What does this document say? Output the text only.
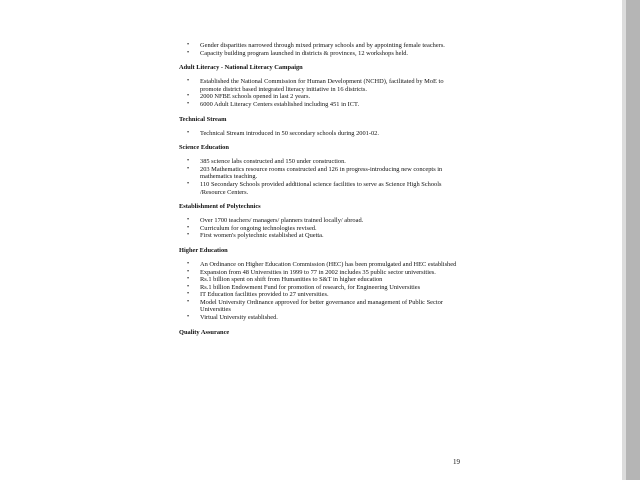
• Gender disparities narrowed through mixed primary schools and by appointing female teachers.
• Capacity building program launched in districts & provinces, 12 workshops held.
Adult Literacy - National Literacy Campaign
• Established the National Commission for Human Development (NCHD), facilitated by MoE to promote district based integrated literacy initiative in 16 districts.
• 2000 NFBE schools opened in last 2 years.
• 6000 Adult Literacy Centers established including 451 in ICT.
Technical Stream
• Technical Stream introduced in 50 secondary schools during 2001-02.
Science Education
• 385 science labs constructed and 150 under construction.
• 203 Mathematics resource rooms constructed and 126 in progress-introducing new concepts in mathematics teaching.
• 110 Secondary Schools provided additional science facilities to serve as Science High Schools /Resource Centers.
Establishment of Polytechnics
• Over 1700 teachers/ managers/ planners trained locally/ abroad.
• Curriculum for ongoing technologies revised.
• First women's polytechnic established at Quetta.
Higher Education
• An Ordinance on Higher Education Commission (HEC) has been promulgated and HEC established
• Expansion from 48 Universities in 1999 to 77 in 2002 includes 35 public sector universities.
• Rs.1 billion spent on shift from Humanities to S&T in higher education
• Rs.1 billion Endowment Fund for promotion of research, for Engineering Universities
• IT Education facilities provided to 27 universities.
• Model University Ordinance approved for better governance and management of Public Sector Universities
• Virtual University established.
Quality Assurance
19
